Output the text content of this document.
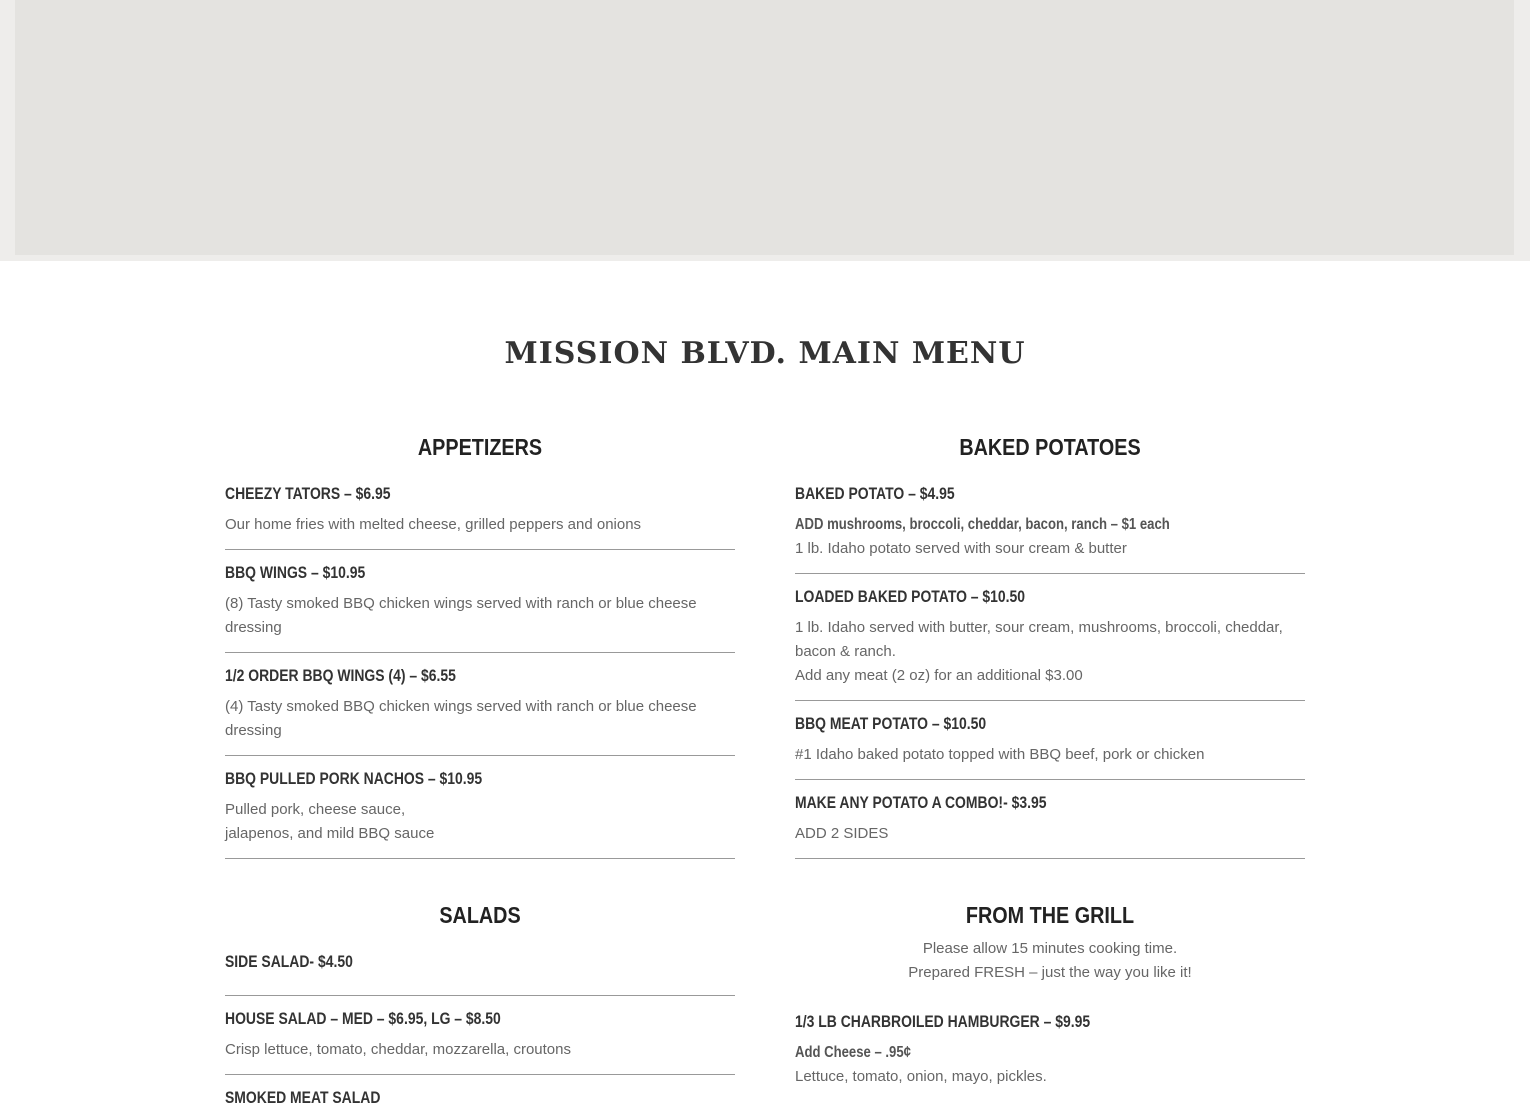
MISSION BLVD. MAIN MENU
APPETIZERS

CHEEZY TATORS – $6.95

Our home fries with melted cheese, grilled peppers and onions

BBQ WINGS – $10.95

(8) Tasty smoked BBQ chicken wings served with ranch or blue cheese dressing

1/2 ORDER BBQ WINGS (4) – $6.55

(4) Tasty smoked BBQ chicken wings served with ranch or blue cheese dressing

BBQ PULLED PORK NACHOS – $10.95

Pulled pork, cheese sauce,

jalapenos, and mild BBQ sauce

BAKED POTATOES

BAKED POTATO – $4.95

ADD mushrooms, broccoli, cheddar, bacon, ranch – $1 each

1 lb. Idaho potato served with sour cream & butter

LOADED BAKED POTATO – $10.50

1 lb. Idaho served with butter, sour cream, mushrooms, broccoli, cheddar, bacon & ranch.

Add any meat (2 oz) for an additional $3.00

BBQ MEAT POTATO – $10.50

#1 Idaho baked potato topped with BBQ beef, pork or chicken

MAKE ANY POTATO A COMBO!- $3.95

ADD 2 SIDES

SALADS

SIDE SALAD- $4.50

HOUSE SALAD – MED – $6.95, LG – $8.50

Crisp lettuce, tomato, cheddar, mozzarella, croutons

SMOKED MEAT SALAD

FROM THE GRILL

Please allow 15 minutes cooking time.

Prepared FRESH – just the way you like it!

1/3 LB CHARBROILED HAMBURGER – $9.95

Add Cheese – .95¢

Lettuce, tomato, onion, mayo, pickles.
